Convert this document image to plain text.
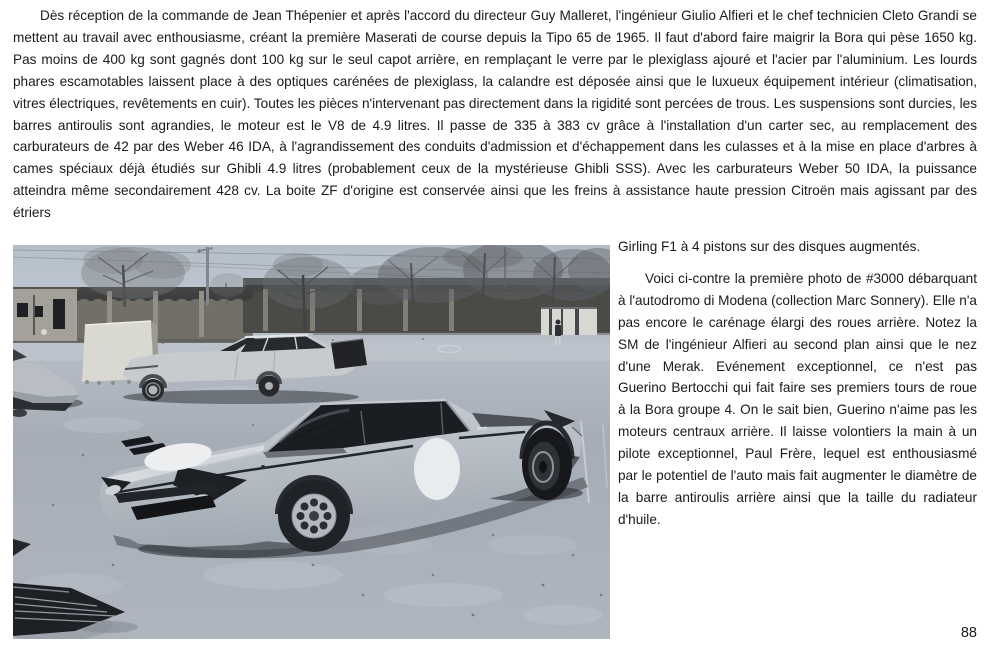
Dès réception de la commande de Jean Thépenier et après l'accord du directeur Guy Malleret, l'ingénieur Giulio Alfieri et le chef technicien Cleto Grandi se mettent au travail avec enthousiasme, créant la première Maserati de course depuis la Tipo 65 de 1965. Il faut d'abord faire maigrir la Bora qui pèse 1650 kg. Pas moins de 400 kg sont gagnés dont 100 kg sur le seul capot arrière, en remplaçant le verre par le plexiglass ajouré et l'acier par l'aluminium. Les lourds phares escamotables laissent place à des optiques carénées de plexiglass, la calandre est déposée ainsi que le luxueux équipement intérieur (climatisation, vitres électriques, revêtements en cuir). Toutes les pièces n'intervenant pas directement dans la rigidité sont percées de trous. Les suspensions sont durcies, les barres antiroulis sont agrandies, le moteur est le V8 de 4.9 litres. Il passe de 335 à 383 cv grâce à l'installation d'un carter sec, au remplacement des carburateurs de 42 par des Weber 46 IDA, à l'agrandissement des conduits d'admission et d'échappement dans les culasses et à la mise en place d'arbres à cames spéciaux déjà étudiés sur Ghibli 4.9 litres (probablement ceux de la mystérieuse Ghibli SSS). Avec les carburateurs Weber 50 IDA, la puissance atteindra même secondairement 428 cv. La boite ZF d'origine est conservée ainsi que les freins à assistance haute pression Citroën mais agissant par des étriers
Girling F1 à 4 pistons sur des disques augmentés.
Voici ci-contre la première photo de #3000 débarquant à l'autodromo di Modena (collection Marc Sonnery). Elle n'a pas encore le carénage élargi des roues arrière. Notez la SM de l'ingénieur Alfieri au second plan ainsi que le nez d'une Merak. Evénement exceptionnel, ce n'est pas Guerino Bertocchi qui fait faire ses premiers tours de roue à la Bora groupe 4. On le sait bien, Guerino n'aime pas les moteurs centraux arrière. Il laisse volontiers la main à un pilote exceptionnel, Paul Frère, lequel est enthousiasmé par le potentiel de l'auto mais fait augmenter le diamètre de la barre antiroulis arrière ainsi que la taille du radiateur d'huile.
88
